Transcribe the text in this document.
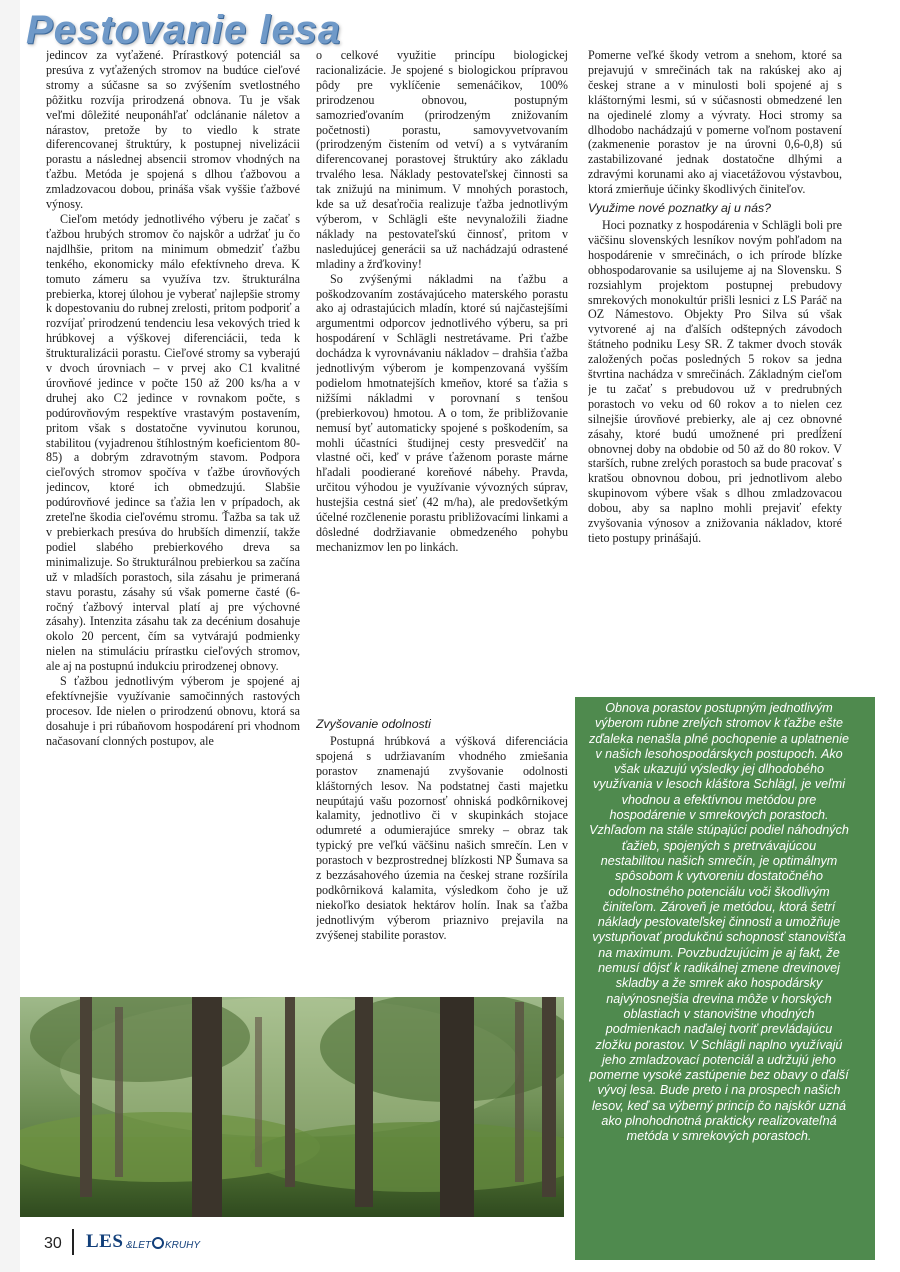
Pestovanie lesa

jedincov za vyťažené. Prírastkový potenciál sa presúva z vyťažených stromov na budúce cieľové stromy a súčasne sa so zvýšením svetlostného pôžitku rozvíja prirodzená obnova. Tu je však veľmi dôležité neuponáhľať odclánanie náletov a nárastov, pretože by to viedlo k strate diferencovanej štruktúry, k postupnej nivelizácii porastu a následnej absencii stromov vhodných na ťažbu. Metóda je spojená s dlhou ťažbovou a zmladzovacou dobou, prináša však vyššie ťažbové výnosy.

Cieľom metódy jednotlivého výberu je začať s ťažbou hrubých stromov čo najskôr a udržať ju čo najdlhšie, pritom na minimum obmedziť ťažbu tenkého, ekonomicky málo efektívneho dreva. K tomuto zámeru sa využíva tzv. štrukturálna prebierka, ktorej úlohou je vyberať najlepšie stromy k dopestovaniu do rubnej zrelosti, pritom podporiť a rozvíjať prirodzenú tendenciu lesa vekových tried k hrúbkovej a výškovej diferenciácii, teda k štrukturalizácii porastu. Cieľové stromy sa vyberajú v dvoch úrovniach – v prvej ako C1 kvalitné úrovňové jedince v počte 150 až 200 ks/ha a v druhej ako C2 jedince v rovnakom počte, s podúrovňovým respektíve vrastavým postavením, pritom však s dostatočne vyvinutou korunou, stabilitou (vyjadrenou štíhlostným koeficientom 80-85) a dobrým zdravotným stavom. Podpora cieľových stromov spočíva v ťažbe úrovňových jedincov, ktoré ich obmedzujú. Slabšie podúrovňové jedince sa ťažia len v prípadoch, ak zreteľne škodia cieľovému stromu. Ťažba sa tak už v prebierkach presúva do hrubších dimenzií, takže podiel slabého prebierkového dreva sa minimalizuje. So štrukturálnou prebierkou sa začína už v mladších porastoch, sila zásahu je primeraná stavu porastu, zásahy sú však pomerne časté (6-ročný ťažbový interval platí aj pre výchovné zásahy). Intenzita zásahu tak za decénium dosahuje okolo 20 percent, čím sa vytvárajú podmienky nielen na stimuláciu prírastku cieľových stromov, ale aj na postupnú indukciu prirodzenej obnovy.

S ťažbou jednotlivým výberom je spojené aj efektívnejšie využívanie samočinných rastových procesov. Ide nielen o prirodzenú obnovu, ktorá sa dosahuje i pri rúbaňovom hospodárení pri vhodnom načasovaní clonných postupov, ale

o celkové využitie princípu biologickej racionalizácie. Je spojené s biologickou prípravou pôdy pre vyklíčenie semenáčikov, 100% prirodzenou obnovou, postupným samozrieďovaním (prirodzeným znižovaním početnosti) porastu, samovyvetvovaním (prirodzeným čistením od vetví) a s vytváraním diferencovanej porastovej štruktúry ako základu trvalého lesa. Náklady pestovateľskej činnosti sa tak znižujú na minimum. V mnohých porastoch, kde sa už desaťročia realizuje ťažba jednotlivým výberom, v Schlägli ešte nevynaložili žiadne náklady na pestovateľskú činnosť, pritom v nasledujúcej generácii sa už nachádzajú odrastené mladiny a žrďkoviny!

So zvýšenými nákladmi na ťažbu a poškodzovaním zostávajúceho materského porastu ako aj odrastajúcich mladín, ktoré sú najčastejšími argumentmi odporcov jednotlivého výberu, sa pri hospodárení v Schlägli nestretávame. Pri ťažbe dochádza k vyrovnávaniu nákladov – drahšia ťažba jednotlivým výberom je kompenzovaná vyšším podielom hmotnatejších kmeňov, ktoré sa ťažia s nižšími nákladmi v porovnaní s tenšou (prebierkovou) hmotou. A o tom, že približovanie nemusí byť automaticky spojené s poškodením, sa mohli účastníci študijnej cesty presvedčiť na vlastné oči, keď v práve ťaženom poraste márne hľadali poodierané koreňové nábehy. Pravda, určitou výhodou je využívanie vývozných súprav, hustejšia cestná sieť (42 m/ha), ale predovšetkým účelné rozčlenenie porastu približovacími linkami a dôsledné dodržiavanie obmedzeného pohybu mechanizmov len po linkách.

Zvyšovanie odolnosti

Postupná hrúbková a výšková diferenciácia spojená s udržiavaním vhodného zmiešania porastov znamenajú zvyšovanie odolnosti kláštorných lesov. Na podstatnej časti majetku neupútajú vašu pozornosť ohniská podkôrnikovej kalamity, jednotlivo či v skupinkách stojace odumreté a odumierajúce smreky – obraz tak typický pre veľkú väčšinu našich smrečín. Len v porastoch v bezprostrednej blízkosti NP Šumava sa z bezzásahového územia na českej strane rozšírila podkôrniková kalamita, výsledkom čoho je už niekoľko desiatok hektárov holín. Inak sa ťažba jednotlivým výberom priaznivo prejavila na zvýšenej stabilite porastov.

Pomerne veľké škody vetrom a snehom, ktoré sa prejavujú v smrečinách tak na rakúskej ako aj českej strane a v minulosti boli spojené aj s kláštornými lesmi, sú v súčasnosti obmedzené len na ojedinelé zlomy a vývraty. Hoci stromy sa dlhodobo nachádzajú v pomerne voľnom postavení (zakmenenie porastov je na úrovni 0,6-0,8) sú zastabilizované jednak dostatočne dlhými a zdravými korunami ako aj viacetážovou výstavbou, ktorá zmierňuje účinky škodlivých činiteľov.

Využime nové poznatky aj u nás?

Hoci poznatky z hospodárenia v Schlägli boli pre väčšinu slovenských lesníkov novým pohľadom na hospodárenie v smrečinách, o ich prírode blízke obhospodarovanie sa usilujeme aj na Slovensku. S rozsiahlym projektom postupnej prebudovy smrekových monokultúr prišli lesnici z LS Paráč na OZ Námestovo. Objekty Pro Silva sú však vytvorené aj na ďalších odštepných závodoch štátneho podniku Lesy SR. Z takmer dvoch stovák založených počas posledných 5 rokov sa jedna štvrtina nachádza v smrečinách. Základným cieľom je tu začať s prebudovou už v predrubných porastoch vo veku od 60 rokov a to nielen cez silnejšie úrovňové prebierky, ale aj cez obnovné zásahy, ktoré budú umožnené pri predĺžení obnovnej doby na obdobie od 50 až do 80 rokov. V starších, rubne zrelých porastoch sa bude pracovať s kratšou obnovnou dobou, pri jednotlivom alebo skupinovom výbere však s dlhou zmladzovacou dobou, aby sa naplno mohli prejaviť efekty zvyšovania výnosov a znižovania nákladov, ktoré tieto postupy prinášajú.

Obnova porastov postupným jednotlivým výberom rubne zrelých stromov k ťažbe ešte zďaleka nenašla plné pochopenie a uplatnenie v našich lesohospodárskych postupoch. Ako však ukazujú výsledky jej dlhodobého využívania v lesoch kláštora Schlägl, je veľmi vhodnou a efektívnou metódou pre hospodárenie v smrekových porastoch. Vzhľadom na stále stúpajúci podiel náhodných ťažieb, spojených s pretrvávajúcou nestabilitou našich smrečín, je optimálnym spôsobom k vytvoreniu dostatočného odolnostného potenciálu voči škodlivým činiteľom. Zároveň je metódou, ktorá šetrí náklady pestovateľskej činnosti a umožňuje vystupňovať produkčnú schopnosť stanovišťa na maximum. Povzbudzujúcim je aj fakt, že nemusí dôjsť k radikálnej zmene drevinovej skladby a že smrek ako hospodársky najvýnosnejšia drevina môže v horských oblastiach v stanovištne vhodných podmienkach naďalej tvoriť prevládajúcu zložku porastov. V Schlägli naplno využívajú jeho zmladzovací potenciál a udržujú jeho pomerne vysoké zastúpenie bez obavy o ďalší vývoj lesa. Bude preto i na prospech našich lesov, keď sa výberný princíp čo najskôr uzná ako plnohodnotná prakticky realizovateľná metóda v smrekových porastoch.
30 LES &LET KRUHY
